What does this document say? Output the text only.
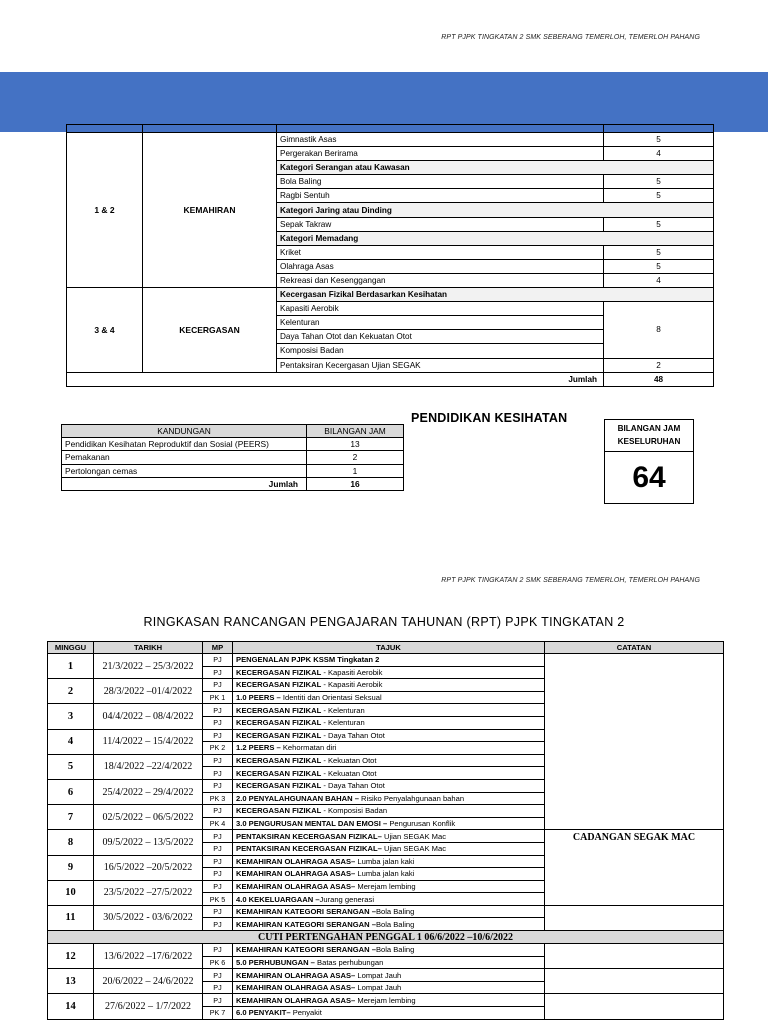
RPT PJPK TINGKATAN 2 SMK SEBERANG TEMERLOH, TEMERLOH PAHANG

1 & 2	KEMAHIRAN	Gimnastik Asas	5
		Pergerakan Berirama	4
		Kategori Serangan atau Kawasan	
		Bola Baling	5
		Ragbi Sentuh	5
		Kategori Jaring atau Dinding	
		Sepak Takraw	5
		Kategori Memadang	
		Kriket	5
		Olahraga Asas	5
		Rekreasi dan Kesenggangan	4
3 & 4	KECERGASAN	Kecergasan Fizikal Berdasarkan Kesihatan	
		Kapasiti Aerobik	8
		Kelenturan	
		Daya Tahan Otot dan Kekuatan Otot	
		Komposisi Badan	
		Pentaksiran Kecergasan Ujian SEGAK	2
Jumlah			48
PENDIDIKAN KESIHATAN
KANDUNGAN	BILANGAN JAM
Pendidikan Kesihatan Reproduktif dan Sosial (PEERS)	13
Pemakanan	2
Pertolongan cemas	1
Jumlah	16
BILANGAN JAM
KESELURUHAN
64
RPT PJPK TINGKATAN 2 SMK SEBERANG TEMERLOH, TEMERLOH PAHANG
RINGKASAN RANCANGAN PENGAJARAN TAHUNAN (RPT) PJPK TINGKATAN 2
MINGGU	TARIKH	MP	TAJUK	CATATAN
1	21/3/2022 – 25/3/2022	PJ	PENGENALAN PJPK KSSM Tingkatan 2	
		PJ	KECERGASAN FIZIKAL - Kapasiti Aerobik	
2	28/3/2022 –01/4/2022	PJ	KECERGASAN FIZIKAL - Kapasiti Aerobik	
		PK 1	1.0 PEERS – Identiti dan Orientasi Seksual	
3	04/4/2022 – 08/4/2022	PJ	KECERGASAN FIZIKAL - Kelenturan	
		PJ	KECERGASAN FIZIKAL - Kelenturan	
4	11/4/2022 – 15/4/2022	PJ	KECERGASAN FIZIKAL - Daya Tahan Otot	
		PK 2	1.2 PEERS – Kehormatan diri	
5	18/4/2022 –22/4/2022	PJ	KECERGASAN FIZIKAL - Kekuatan Otot	
		PJ	KECERGASAN FIZIKAL - Kekuatan Otot	
6	25/4/2022 – 29/4/2022	PJ	KECERGASAN FIZIKAL - Daya Tahan Otot	
		PK 3	2.0 PENYALAHGUNAAN BAHAN – Risiko Penyalahgunaan bahan	
7	02/5/2022 – 06/5/2022	PJ	KECERGASAN FIZIKAL - Komposisi Badan	
		PK 4	3.0 PENGURUSAN MENTAL DAN EMOSI – Pengurusan Konflik	
8	09/5/2022 – 13/5/2022	PJ	PENTAKSIRAN KECERGASAN FIZIKAL– Ujian SEGAK Mac	CADANGAN SEGAK MAC
		PJ	PENTAKSIRAN KECERGASAN FIZIKAL– Ujian SEGAK Mac	
9	16/5/2022 –20/5/2022	PJ	KEMAHIRAN OLAHRAGA ASAS– Lumba jalan kaki	
		PJ	KEMAHIRAN OLAHRAGA ASAS– Lumba jalan kaki	
10	23/5/2022 –27/5/2022	PJ	KEMAHIRAN OLAHRAGA ASAS– Merejam lembing	
		PK 5	4.0 KEKELUARGAAN –Jurang generasi	
11	30/5/2022 - 03/6/2022	PJ	KEMAHIRAN KATEGORI SERANGAN –Bola Baling	
		PJ	KEMAHIRAN KATEGORI SERANGAN –Bola Baling	
CUTI PERTENGAHAN PENGGAL 1 06/6/2022 –10/6/2022				
12	13/6/2022 –17/6/2022	PJ	KEMAHIRAN KATEGORI SERANGAN –Bola Baling	
		PK 6	5.0 PERHUBUNGAN – Batas perhubungan	
13	20/6/2022 – 24/6/2022	PJ	KEMAHIRAN OLAHRAGA ASAS– Lompat Jauh	
		PJ	KEMAHIRAN OLAHRAGA ASAS– Lompat Jauh	
14	27/6/2022 – 1/7/2022	PJ	KEMAHIRAN OLAHRAGA ASAS– Merejam lembing	
		PK 7	6.0 PENYAKIT– Penyakit	
